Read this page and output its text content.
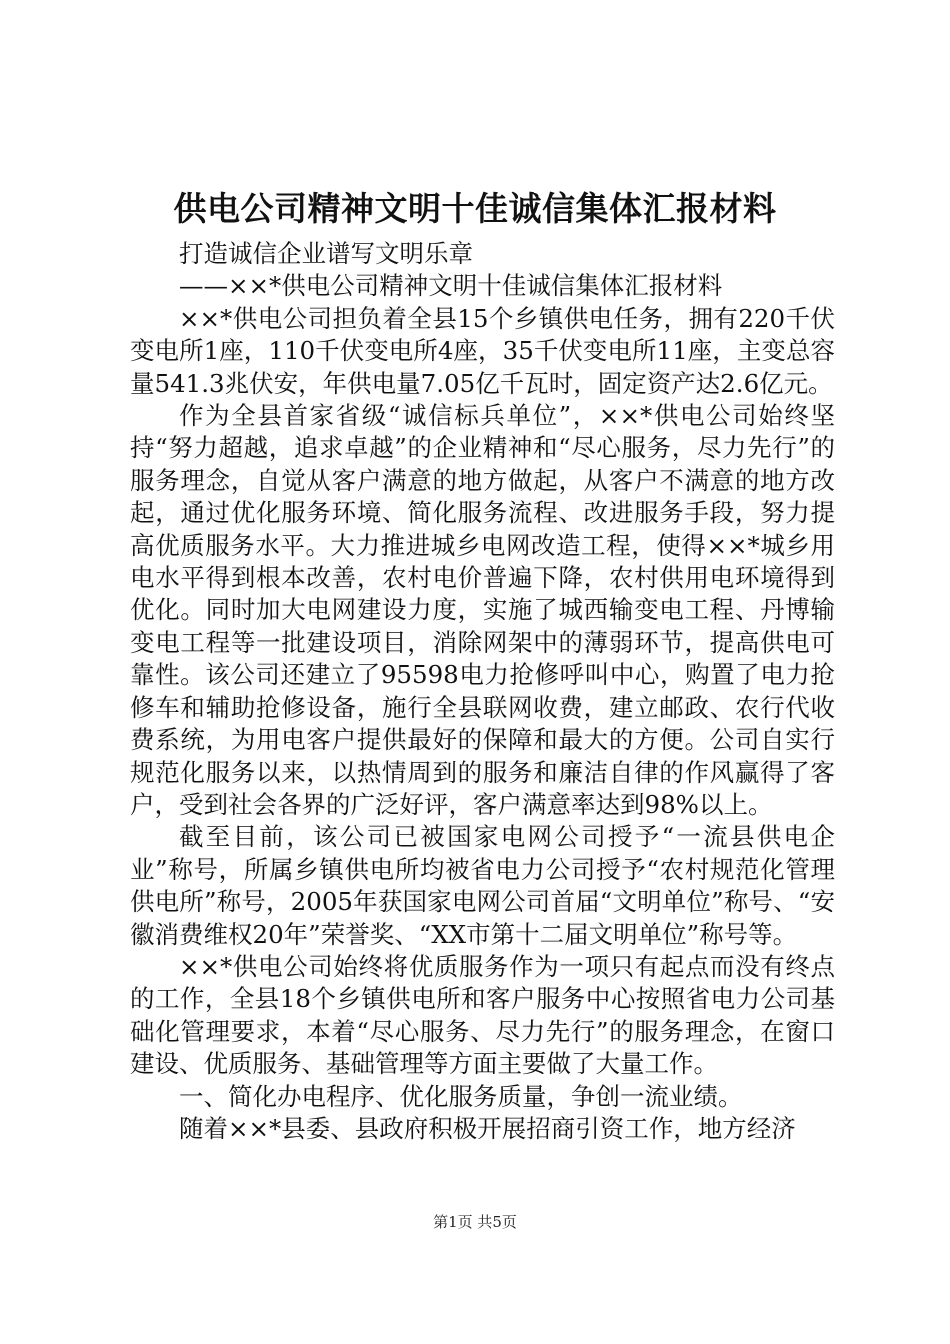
供电公司精神文明十佳诚信集体汇报材料

打造诚信企业谱写文明乐章

——××*供电公司精神文明十佳诚信集体汇报材料

××*供电公司担负着全县15个乡镇供电任务，拥有220千伏变电所1座，110千伏变电所4座，35千伏变电所11座，主变总容量541.3兆伏安，年供电量7.05亿千瓦时，固定资产达2.6亿元。

作为全县首家省级“诚信标兵单位”，××*供电公司始终坚持“努力超越，追求卓越”的企业精神和“尽心服务，尽力先行”的服务理念，自觉从客户满意的地方做起，从客户不满意的地方改起，通过优化服务环境、简化服务流程、改进服务手段，努力提高优质服务水平。大力推进城乡电网改造工程，使得××*城乡用电水平得到根本改善，农村电价普遍下降，农村供用电环境得到优化。同时加大电网建设力度，实施了城西输变电工程、丹博输变电工程等一批建设项目，消除网架中的薄弱环节，提高供电可靠性。该公司还建立了95598电力抢修呼叫中心，购置了电力抢修车和辅助抢修设备，施行全县联网收费，建立邮政、农行代收费系统，为用电客户提供最好的保障和最大的方便。公司自实行规范化服务以来，以热情周到的服务和廉洁自律的作风赢得了客户，受到社会各界的广泛好评，客户满意率达到98%以上。

截至目前，该公司已被国家电网公司授予“一流县供电企业”称号，所属乡镇供电所均被省电力公司授予“农村规范化管理供电所”称号，2005年获国家电网公司首届“文明单位”称号、“安徽消费维权20年”荣誉奖、“XX市第十二届文明单位”称号等。

××*供电公司始终将优质服务作为一项只有起点而没有终点的工作，全县18个乡镇供电所和客户服务中心按照省电力公司基础化管理要求，本着“尽心服务、尽力先行”的服务理念，在窗口建设、优质服务、基础管理等方面主要做了大量工作。

一、简化办电程序、优化服务质量，争创一流业绩。

随着××*县委、县政府积极开展招商引资工作，地方经济

第1页 共5页
